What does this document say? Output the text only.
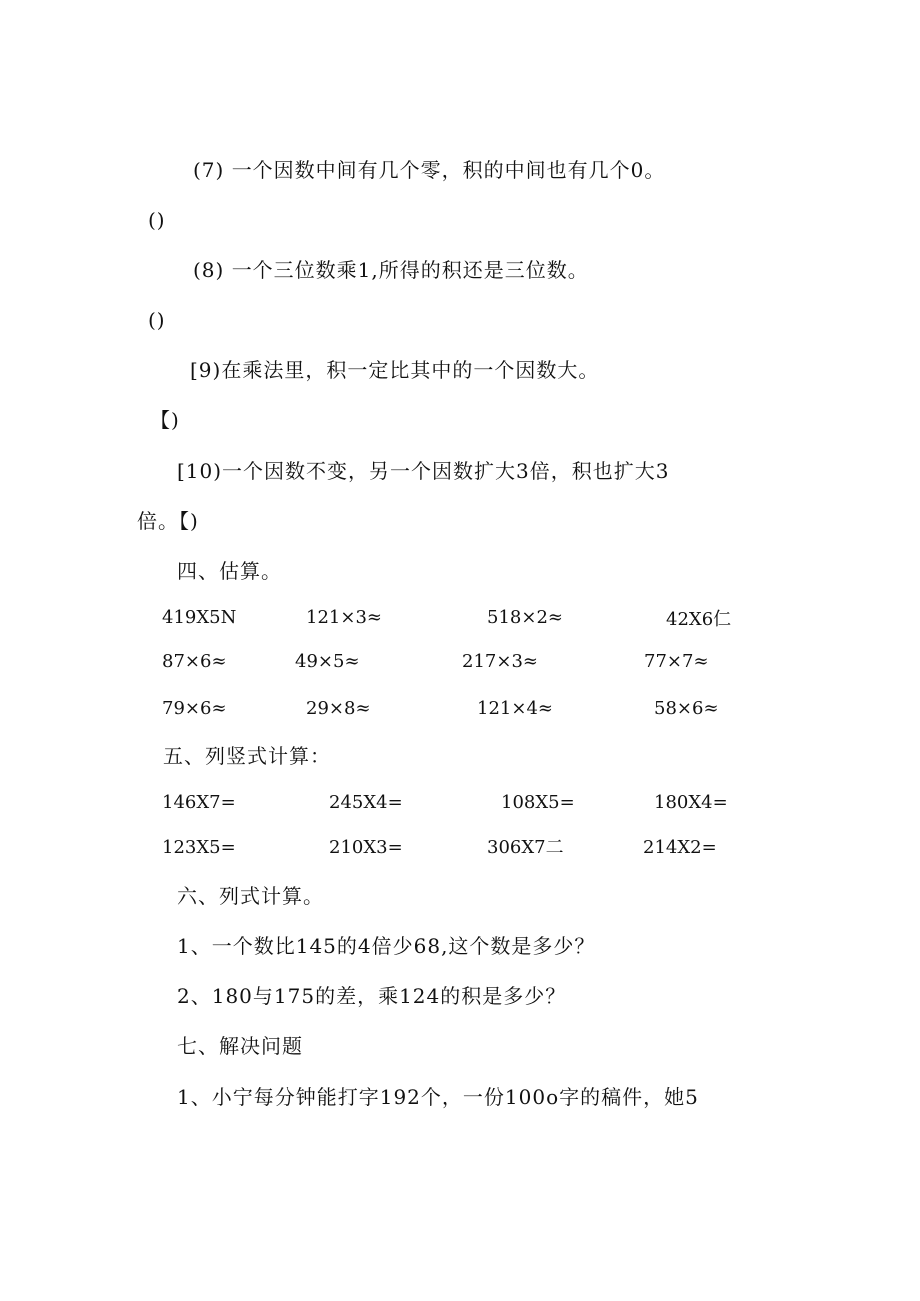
(7) 一个因数中间有几个零，积的中间也有几个0。
()
(8) 一个三位数乘1,所得的积还是三位数。
()
[9)在乘法里，积一定比其中的一个因数大。
【)
[10)一个因数不变，另一个因数扩大3倍，积也扩大3
倍。【)
四、估算。
419X5N	121×3≈	518×2≈	42X6仁
87×6≈	49×5≈	217×3≈	77×7≈
79×6≈	29×8≈	121×4≈	58×6≈
五、列竖式计算：
146X7=	245X4=	108X5=	180X4=
123X5=	210X3=	306X7二	214X2=
六、列式计算。
1、一个数比145的4倍少68,这个数是多少？
2、180与175的差，乘124的积是多少？
七、解决问题
1、小宁每分钟能打字192个，一份100o字的稿件，她5
